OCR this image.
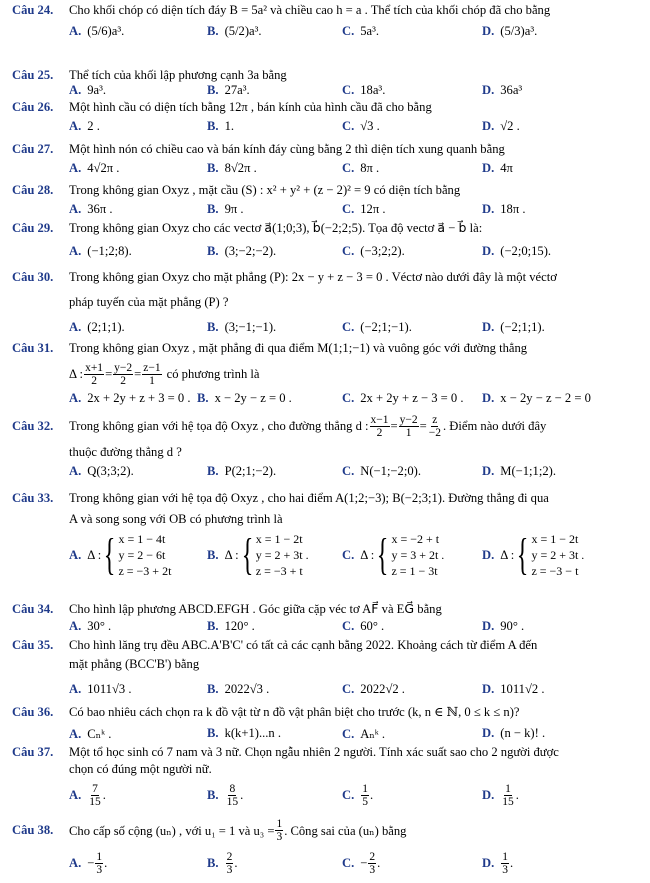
Câu 24.	Cho khối chóp có diện tích đáy B = 5a² và chiều cao h = a . Thể tích của khối chóp đã cho bằng
A. (5/6)a³.	B. (5/2)a³.	C. 5a³.	D. (5/3)a³.
Câu 25.	Thể tích của khối lập phương cạnh 3a bằng
A. 9a³.	B. 27a³.	C. 18a³.	D. 36a³
Câu 26.	Một hình cầu có diện tích bằng 12π , bán kính của hình cầu đã cho bằng
A. 2 .	B. 1.	C. √3 .	D. √2 .
Câu 27.	Một hình nón có chiều cao và bán kính đáy cùng bằng 2 thì diện tích xung quanh bằng
A. 4√2π .	B. 8√2π .	C. 8π .	D. 4π
Câu 28.	Trong không gian Oxyz , mặt cầu (S) : x² + y² + (z − 2)² = 9 có diện tích bằng
A. 36π .	B. 9π .	C. 12π .	D. 18π .
Câu 29.	Trong không gian Oxyz cho các vectơ a⃗(1;0;3), b⃗(−2;2;5). Tọa độ vectơ a⃗ − b⃗ là:
A. (−1;2;8).	B. (3;−2;−2).	C. (−3;2;2).	D. (−2;0;15).
Câu 30.	Trong không gian Oxyz cho mặt phẳng (P): 2x − y + z − 3 = 0 . Véctơ nào dưới đây là một véctơ
pháp tuyến của mặt phẳng (P) ?
A. (2;1;1).	B. (3;−1;−1).	C. (−2;1;−1).	D. (−2;1;1).
Câu 31.	Trong không gian Oxyz , mặt phẳng đi qua điểm M(1;1;−1) và vuông góc với đường thẳng
Δ : $\frac{x+1}{2} = \frac{y-2}{2} = \frac{z-1}{1}$ có phương trình là
A. 2x + 2y + z + 3 = 0 . B. x − 2y − z = 0 .	C. 2x + 2y + z − 3 = 0 . D. x − 2y − z − 2 = 0
Câu 32.	Trong không gian với hệ tọa độ Oxyz , cho đường thẳng d : $\frac{x-1}{2} = \frac{y-2}{1} = \frac{z}{-2}$ . Điểm nào dưới đây
thuộc đường thẳng d ?
A. Q(3;3;2).	B. P(2;1;−2).	C. N(−1;−2;0).	D. M(−1;1;2).
Câu 33.	Trong không gian với hệ tọa độ Oxyz , cho hai điểm A(1;2;−3); B(−2;3;1). Đường thẳng đi qua
A và song song với OB có phương trình là
A. Δ : { x = 1 − 4t
y = 2 − 6t
z = −3 + 2t
B. Δ : { x = 1 − 2t
y = 2 + 3t .
z = −3 + t
C. Δ : { x = −2 + t
y = 3 + 2t .
z = 1 − 3t
D. Δ : { x = 1 − 2t
y = 2 + 3t .
z = −3 − t
Câu 34.	Cho hình lập phương ABCD.EFGH . Góc giữa cặp véc tơ AF⃗ và EG⃗ bằng
A. 30° .	B. 120° .	C. 60° .	D. 90° .
Câu 35.	Cho hình lăng trụ đều ABC.A'B'C' có tất cả các cạnh bằng 2022. Khoảng cách từ điểm A đến
mặt phẳng (BCC'B') bằng
A. 1011√3 .	B. 2022√3 .	C. 2022√2 .	D. 1011√2 .
Câu 36.	Có bao nhiêu cách chọn ra k đồ vật từ n đồ vật phân biệt cho trước (k, n ∈ ℕ, 0 ≤ k ≤ n)?
A. Cₙᵏ .	B. k(k+1)...n .	C. Aₙᵏ .	D. (n − k)! .
Câu 37.	Một tổ học sinh có 7 nam và 3 nữ. Chọn ngẫu nhiên 2 người. Tính xác suất sao cho 2 người được
chọn có đúng một người nữ.
A. $\frac{7}{15}$ .	B. $\frac{8}{15}$ .	C. $\frac{1}{5}$ .	D. $\frac{1}{15}$ .
Câu 38.	Cho cấp số cộng (uₙ) , với u₁ = 1 và $u_3 = \frac{1}{3}$ . Công sai của (uₙ) bằng
A. − $\frac{1}{3}$ .	B. $\frac{2}{3}$ .	C. − $\frac{2}{3}$ .	D. $\frac{1}{3}$ .
